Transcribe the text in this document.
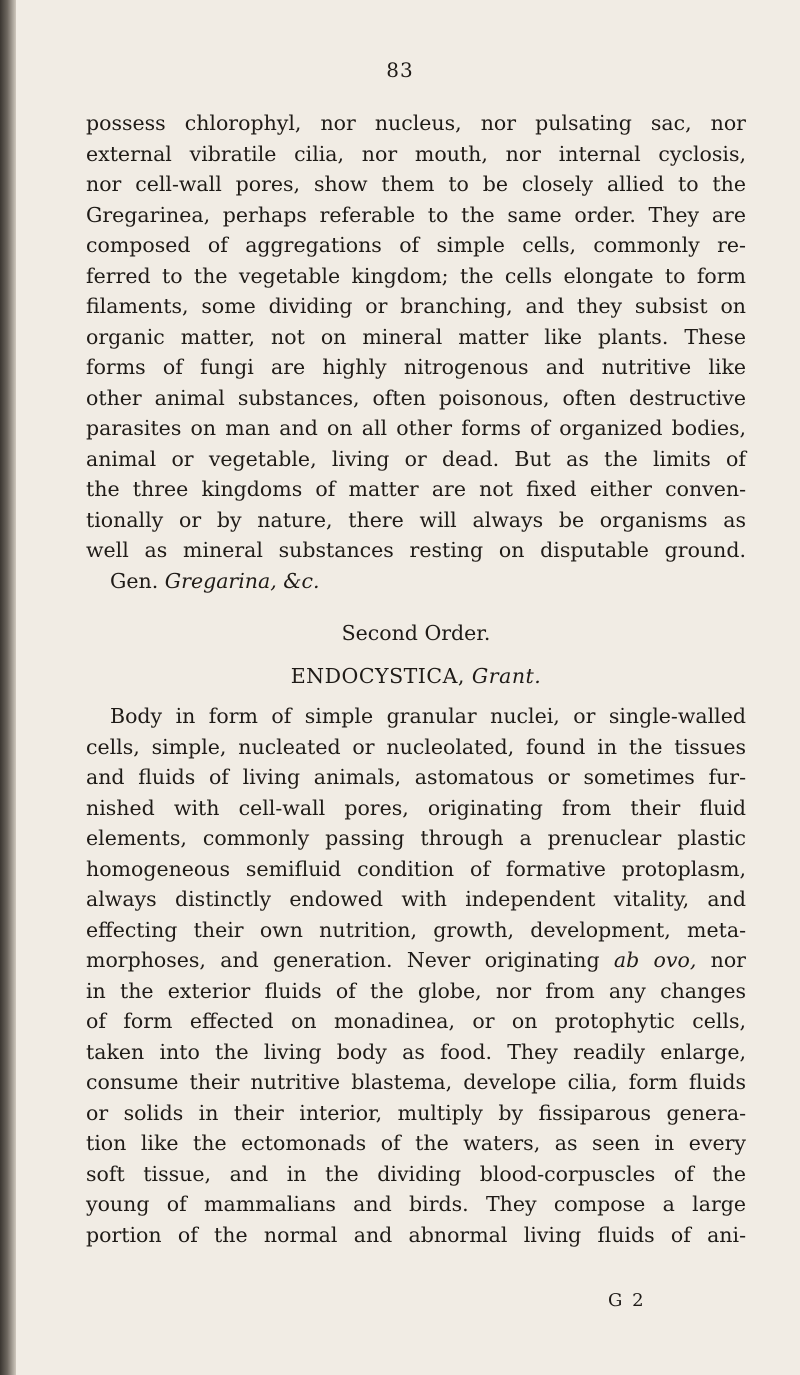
83

possess chlorophyl, nor nucleus, nor pulsating sac, nor
external vibratile cilia, nor mouth, nor internal cyclosis,
nor cell-wall pores, show them to be closely allied to the
Gregarinea, perhaps referable to the same order. They are
composed of aggregations of simple cells, commonly re-
ferred to the vegetable kingdom; the cells elongate to form
filaments, some dividing or branching, and they subsist on
organic matter, not on mineral matter like plants. These
forms of fungi are highly nitrogenous and nutritive like
other animal substances, often poisonous, often destructive
parasites on man and on all other forms of organized bodies,
animal or vegetable, living or dead. But as the limits of
the three kingdoms of matter are not fixed either conven-
tionally or by nature, there will always be organisms as
well as mineral substances resting on disputable ground.
Gen. Gregarina, &c.

Second Order.

ENDOCYSTICA, Grant.

Body in form of simple granular nuclei, or single-walled
cells, simple, nucleated or nucleolated, found in the tissues
and fluids of living animals, astomatous or sometimes fur-
nished with cell-wall pores, originating from their fluid
elements, commonly passing through a prenuclear plastic
homogeneous semifluid condition of formative protoplasm,
always distinctly endowed with independent vitality, and
effecting their own nutrition, growth, development, meta-
morphoses, and generation. Never originating ab ovo, nor
in the exterior fluids of the globe, nor from any changes
of form effected on monadinea, or on protophytic cells,
taken into the living body as food. They readily enlarge,
consume their nutritive blastema, develope cilia, form fluids
or solids in their interior, multiply by fissiparous genera-
tion like the ectomonads of the waters, as seen in every
soft tissue, and in the dividing blood-corpuscles of the
young of mammalians and birds. They compose a large
portion of the normal and abnormal living fluids of ani-

G 2
